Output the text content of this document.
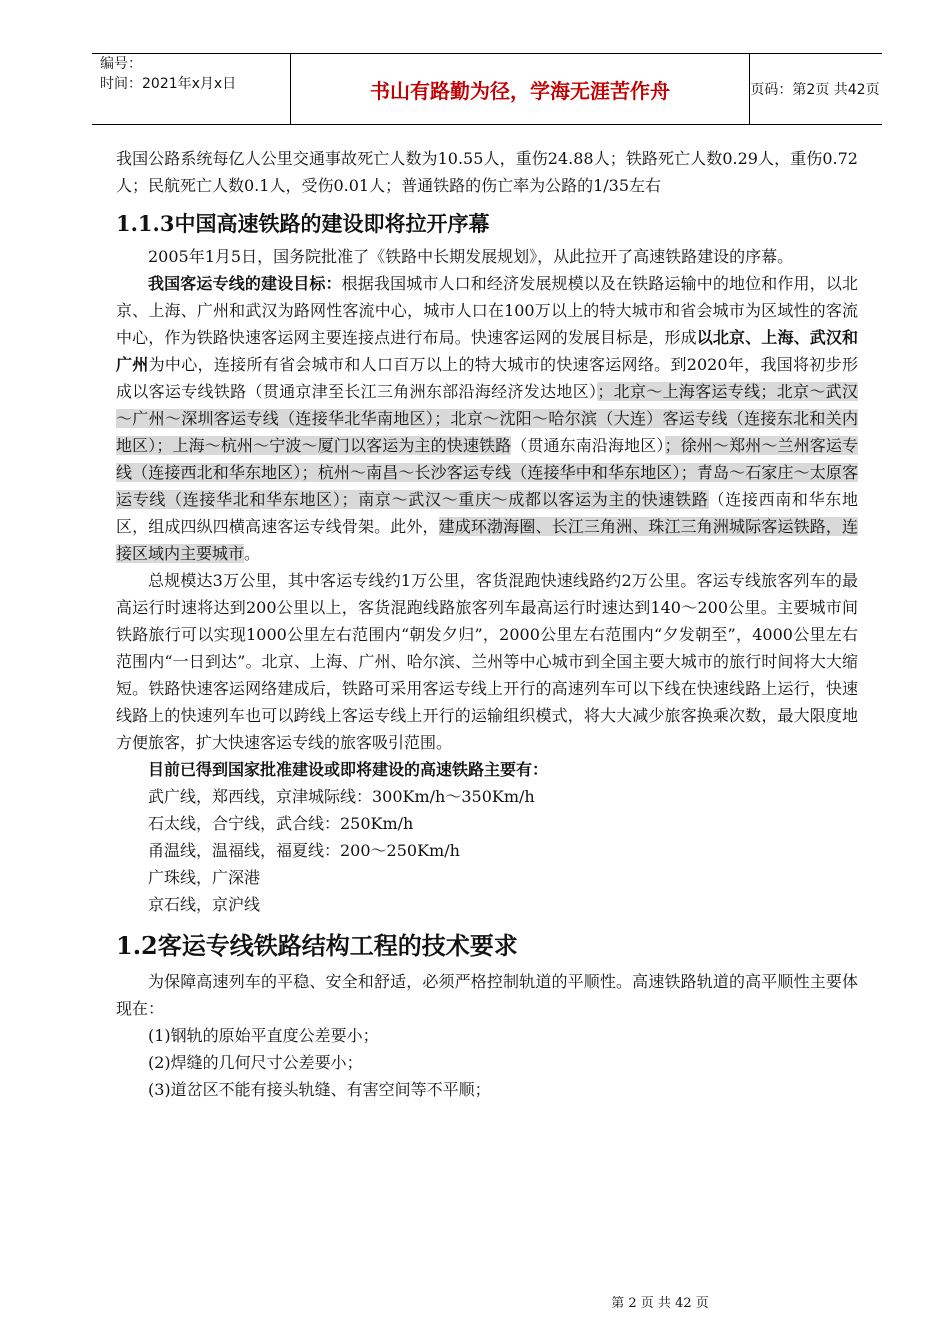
编号：
时间：2021年x月x日	书山有路勤为径，学海无涯苦作舟	页码：第2页 共42页

我国公路系统每亿人公里交通事故死亡人数为10.55人，重伤24.88人；铁路死亡人数0.29人，重伤0.72人；民航死亡人数0.1人，受伤0.01人；普通铁路的伤亡率为公路的1/35左右

1.1.3中国高速铁路的建设即将拉开序幕

2005年1月5日，国务院批准了《铁路中长期发展规划》，从此拉开了高速铁路建设的序幕。

我国客运专线的建设目标：根据我国城市人口和经济发展规模以及在铁路运输中的地位和作用，以北京、上海、广州和武汉为路网性客流中心，城市人口在100万以上的特大城市和省会城市为区域性的客流中心，作为铁路快速客运网主要连接点进行布局。快速客运网的发展目标是，形成以北京、上海、武汉和广州为中心，连接所有省会城市和人口百万以上的特大城市的快速客运网络。到2020年，我国将初步形成以客运专线铁路（贯通京津至长江三角洲东部沿海经济发达地区）；北京～上海客运专线；北京～武汉～广州～深圳客运专线（连接华北华南地区）；北京～沈阳～哈尔滨（大连）客运专线（连接东北和关内地区）；上海～杭州～宁波～厦门以客运为主的快速铁路（贯通东南沿海地区）；徐州～郑州～兰州客运专线（连接西北和华东地区）；杭州～南昌～长沙客运专线（连接华中和华东地区）；青岛～石家庄～太原客运专线（连接华北和华东地区）；南京～武汉～重庆～成都以客运为主的快速铁路（连接西南和华东地区，组成四纵四横高速客运专线骨架。此外，建成环渤海圈、长江三角洲、珠江三角洲城际客运铁路，连接区域内主要城市。

总规模达3万公里，其中客运专线约1万公里，客货混跑快速线路约2万公里。客运专线旅客列车的最高运行时速将达到200公里以上，客货混跑线路旅客列车最高运行时速达到140～200公里。主要城市间铁路旅行可以实现1000公里左右范围内“朝发夕归”，2000公里左右范围内“夕发朝至”，4000公里左右范围内“一日到达”。北京、上海、广州、哈尔滨、兰州等中心城市到全国主要大城市的旅行时间将大大缩短。铁路快速客运网络建成后，铁路可采用客运专线上开行的高速列车可以下线在快速线路上运行，快速线路上的快速列车也可以跨线上客运专线上开行的运输组织模式，将大大减少旅客换乘次数，最大限度地方便旅客，扩大快速客运专线的旅客吸引范围。

目前已得到国家批准建设或即将建设的高速铁路主要有：

武广线，郑西线，京津城际线：300Km/h～350Km/h

石太线，合宁线，武合线：250Km/h

甬温线，温福线，福夏线：200～250Km/h

广珠线，广深港

京石线，京沪线

1.2客运专线铁路结构工程的技术要求

为保障高速列车的平稳、安全和舒适，必须严格控制轨道的平顺性。高速铁路轨道的高平顺性主要体现在：

(1)钢轨的原始平直度公差要小；

(2)焊缝的几何尺寸公差要小；

(3)道岔区不能有接头轨缝、有害空间等不平顺；

第 2 页 共 42 页
